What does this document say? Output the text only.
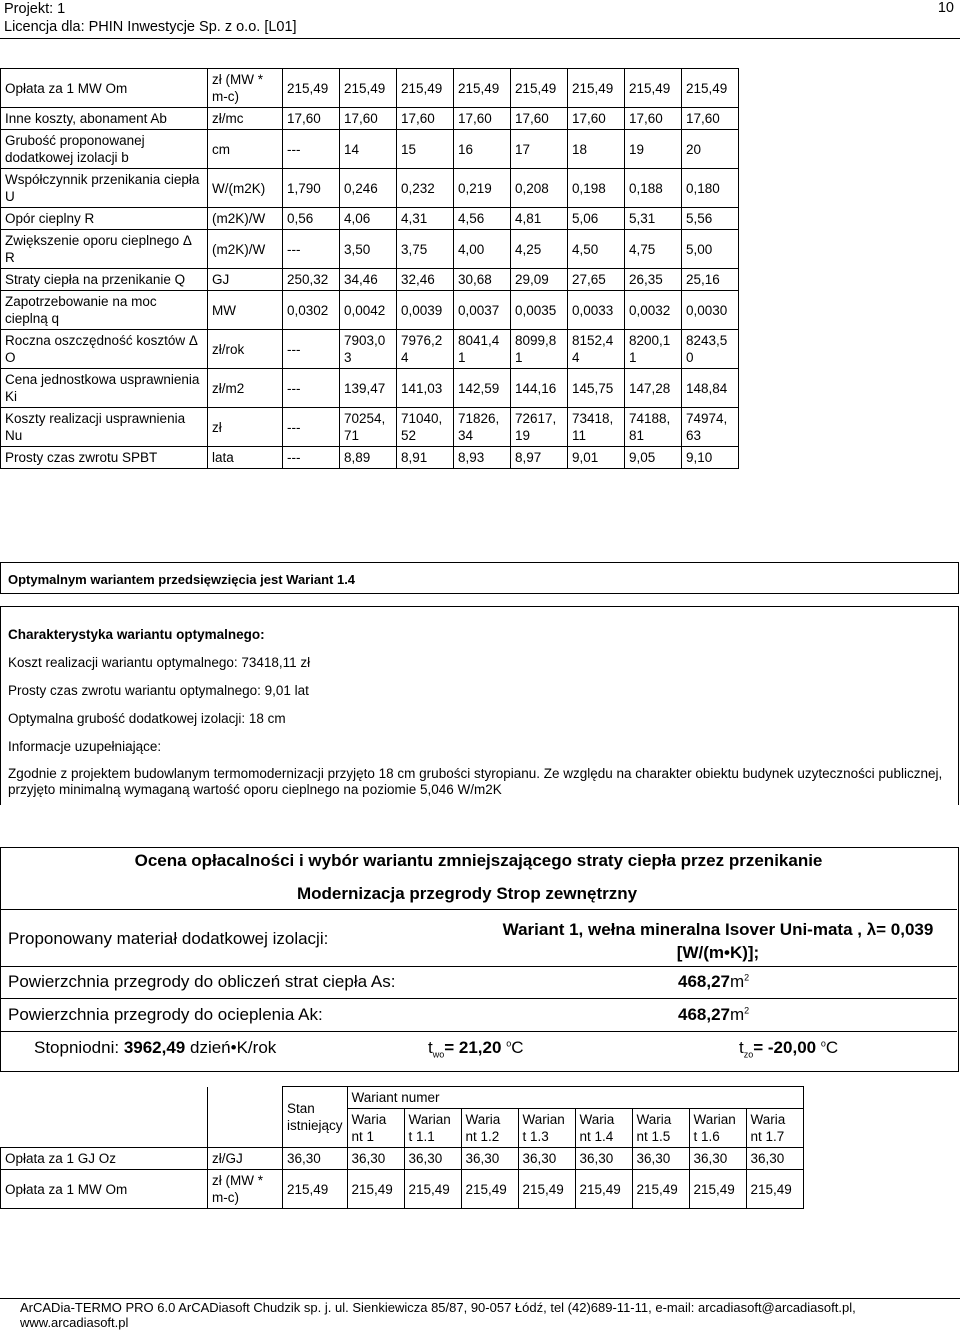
Projekt: 1
Licencja dla: PHIN Inwestycje Sp. z o.o. [L01]
10
Opłata za 1 MW Om	zł (MW * m-c)	215,49	215,49	215,49	215,49	215,49	215,49	215,49	215,49
Inne koszty, abonament Ab	zł/mc	17,60	17,60	17,60	17,60	17,60	17,60	17,60	17,60
Grubość proponowanej dodatkowej izolacji b	cm	---	14	15	16	17	18	19	20
Współczynnik przenikania ciepła U	W/(m2K)	1,790	0,246	0,232	0,219	0,208	0,198	0,188	0,180
Opór cieplny R	(m2K)/W	0,56	4,06	4,31	4,56	4,81	5,06	5,31	5,56
Zwiększenie oporu cieplnego Δ R	(m2K)/W	---	3,50	3,75	4,00	4,25	4,50	4,75	5,00
Straty ciepła na przenikanie Q	GJ	250,32	34,46	32,46	30,68	29,09	27,65	26,35	25,16
Zapotrzebowanie na moc cieplną q	MW	0,0302	0,0042	0,0039	0,0037	0,0035	0,0033	0,0032	0,0030
Roczna oszczędność kosztów Δ O	zł/rok	---	7903,0 3	7976,2 4	8041,4 1	8099,8 1	8152,4 4	8200,1 1	8243,5 0
Cena jednostkowa usprawnienia Ki	zł/m2	---	139,47	141,03	142,59	144,16	145,75	147,28	148,84
Koszty realizacji usprawnienia Nu	zł	---	70254, 71	71040, 52	71826, 34	72617, 19	73418, 11	74188, 81	74974, 63
Prosty czas zwrotu SPBT	lata	---	8,89	8,91	8,93	8,97	9,01	9,05	9,10
Optymalnym wariantem przedsięwzięcia jest Wariant 1.4
Charakterystyka wariantu optymalnego:
Koszt realizacji wariantu optymalnego: 73418,11 zł
Prosty czas zwrotu wariantu optymalnego: 9,01 lat
Optymalna grubość dodatkowej izolacji: 18 cm
Informacje uzupełniające:
Zgodnie z projektem budowlanym termomodernizacji przyjęto 18 cm grubości styropianu. Ze względu na charakter obiektu budynek uzyteczności publicznej, przyjęto minimalną wymaganą wartość oporu cieplnego na poziomie 5,046 W/m2K
Ocena opłacalności i wybór wariantu zmniejszającego straty ciepła przez przenikanie
Modernizacja przegrody Strop zewnętrzny
Proponowany materiał dodatkowej izolacji:	Wariant 1, wełna mineralna Isover Uni-mata , λ= 0,039
[W/(m•K)];
Powierzchnia przegrody do obliczeń strat ciepła As:	$468,27m^2$
Powierzchnia przegrody do ocieplenia Ak:	$468,27m^2$
Stopniodni: 3962,49 dzień•K/rok	$t_{wo}= 21,20$ $^o$C	$t_{zo}= -20,00$ $^o$C
		Stan istniejący	Wariant numer							
			Waria nt 1	Warian t 1.1	Waria nt 1.2	Warian t 1.3	Waria nt 1.4	Waria nt 1.5	Warian t 1.6	Waria nt 1.7
Opłata za 1 GJ Oz	zł/GJ	36,30	36,30	36,30	36,30	36,30	36,30	36,30	36,30	36,30
Opłata za 1 MW Om	zł (MW * m-c)	215,49	215,49	215,49	215,49	215,49	215,49	215,49	215,49	215,49
ArCADia-TERMO PRO 6.0 ArCADiasoft Chudzik sp. j. ul. Sienkiewicza 85/87, 90-057 Łódź, tel (42)689-11-11, e-mail: arcadiasoft@arcadiasoft.pl, www.arcadiasoft.pl
